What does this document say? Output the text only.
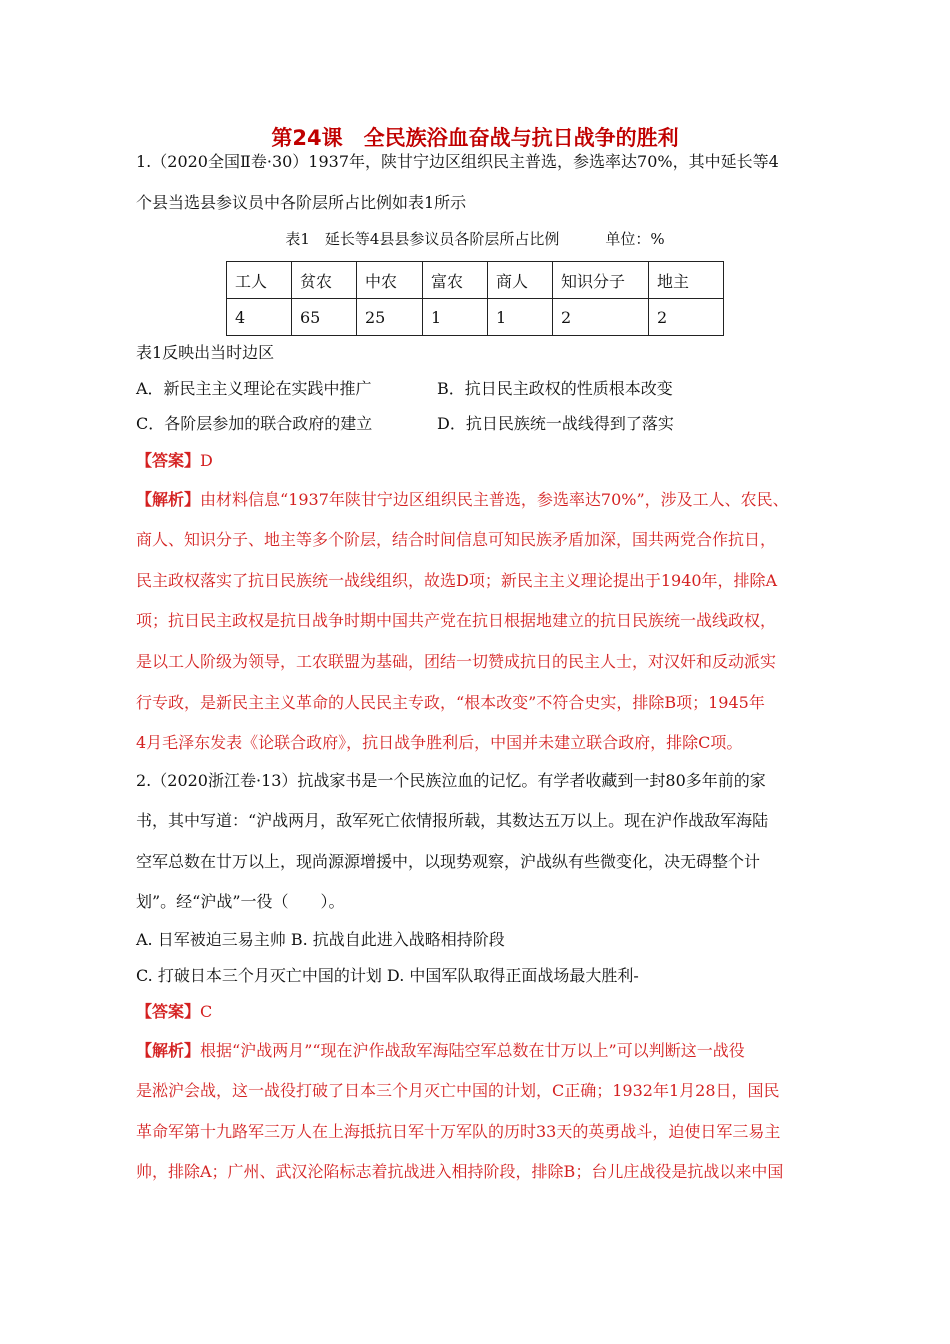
第24课　全民族浴血奋战与抗日战争的胜利
1.（2020全国Ⅱ卷·30）1937年，陕甘宁边区组织民主普选，参选率达70%，其中延长等4
个县当选县参议员中各阶层所占比例如表1所示
表1　延长等4县县参议员各阶层所占比例	单位：%
工人	贫农	中农	富农	商人	知识分子	地主
4	65	25	1	1	2	2
表1反映出当时边区
A．新民主主义理论在实践中推广	B．抗日民主政权的性质根本改变
C．各阶层参加的联合政府的建立	D．抗日民族统一战线得到了落实
【答案】D
【解析】由材料信息“1937年陕甘宁边区组织民主普选，参选率达70%”，涉及工人、农民、
商人、知识分子、地主等多个阶层，结合时间信息可知民族矛盾加深，国共两党合作抗日，
民主政权落实了抗日民族统一战线组织，故选D项；新民主主义理论提出于1940年，排除A
项；抗日民主政权是抗日战争时期中国共产党在抗日根据地建立的抗日民族统一战线政权，
是以工人阶级为领导，工农联盟为基础，团结一切赞成抗日的民主人士，对汉奸和反动派实
行专政，是新民主主义革命的人民民主专政，“根本改变”不符合史实，排除B项；1945年
4月毛泽东发表《论联合政府》，抗日战争胜利后，中国并未建立联合政府，排除C项。
2.（2020浙江卷·13）抗战家书是一个民族泣血的记忆。有学者收藏到一封80多年前的家
书，其中写道：“沪战两月，敌军死亡依情报所载，其数达五万以上。现在沪作战敌军海陆
空军总数在廿万以上，现尚源源增援中，以现势观察，沪战纵有些微变化，决无碍整个计
划”。经“沪战”一役（　　）。
A. 日军被迫三易主帅 B. 抗战自此进入战略相持阶段
C. 打破日本三个月灭亡中国的计划 D. 中国军队取得正面战场最大胜利-
【答案】C
【解析】根据“沪战两月”“现在沪作战敌军海陆空军总数在廿万以上”可以判断这一战役
是淞沪会战，这一战役打破了日本三个月灭亡中国的计划，C正确；1932年1月28日，国民
革命军第十九路军三万人在上海抵抗日军十万军队的历时33天的英勇战斗，迫使日军三易主
帅，排除A；广州、武汉沦陷标志着抗战进入相持阶段，排除B；台儿庄战役是抗战以来中国
